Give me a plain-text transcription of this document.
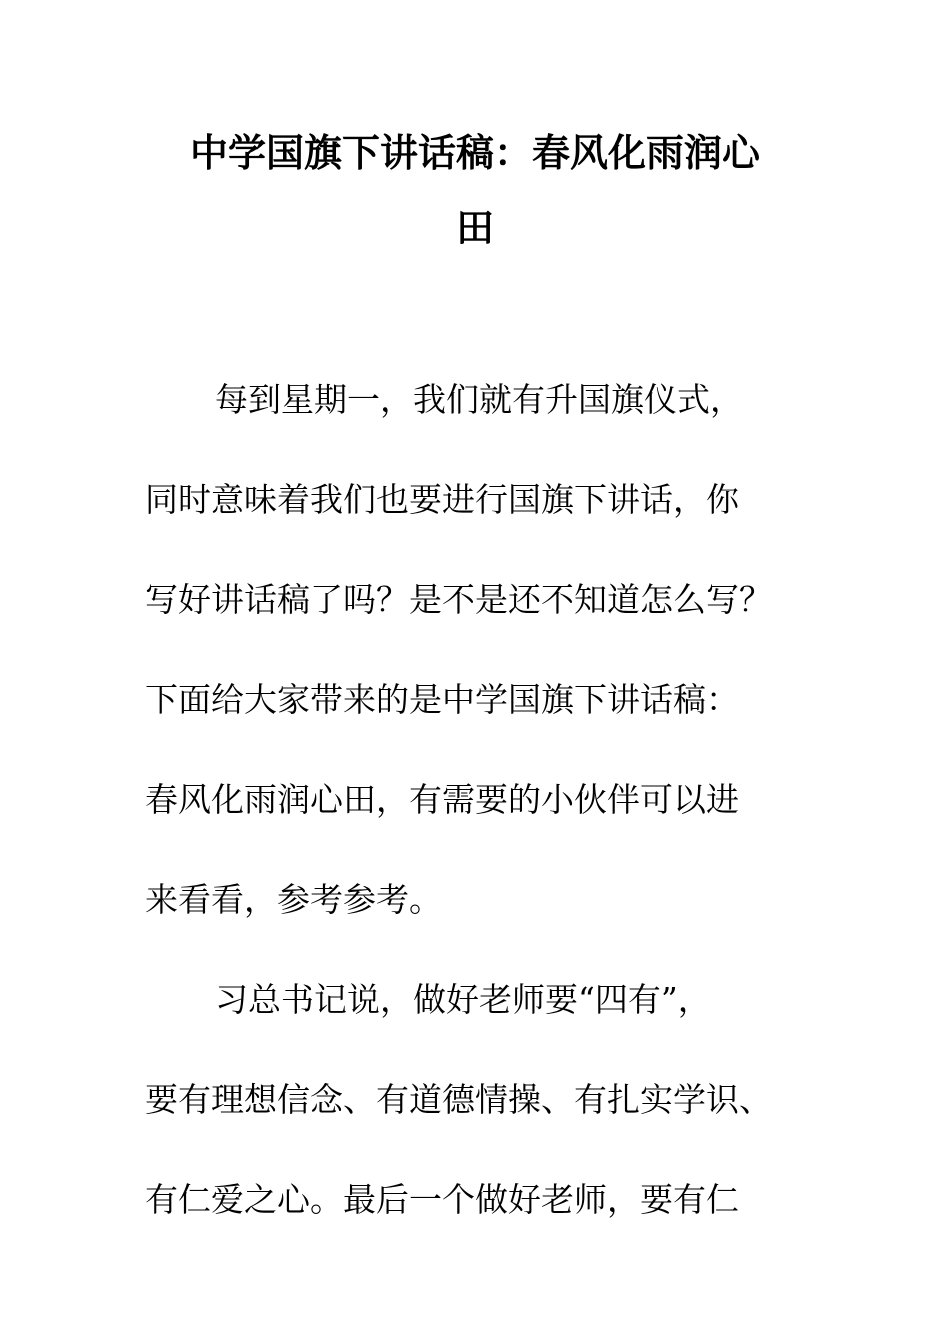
中学国旗下讲话稿：春风化雨润心
田
每到星期一，我们就有升国旗仪式，
同时意味着我们也要进行国旗下讲话，你
写好讲话稿了吗？是不是还不知道怎么写？
下面给大家带来的是中学国旗下讲话稿：
春风化雨润心田，有需要的小伙伴可以进
来看看，参考参考。
习总书记说，做好老师要“四有”，
要有理想信念、有道德情操、有扎实学识、
有仁爱之心。最后一个做好老师，要有仁
